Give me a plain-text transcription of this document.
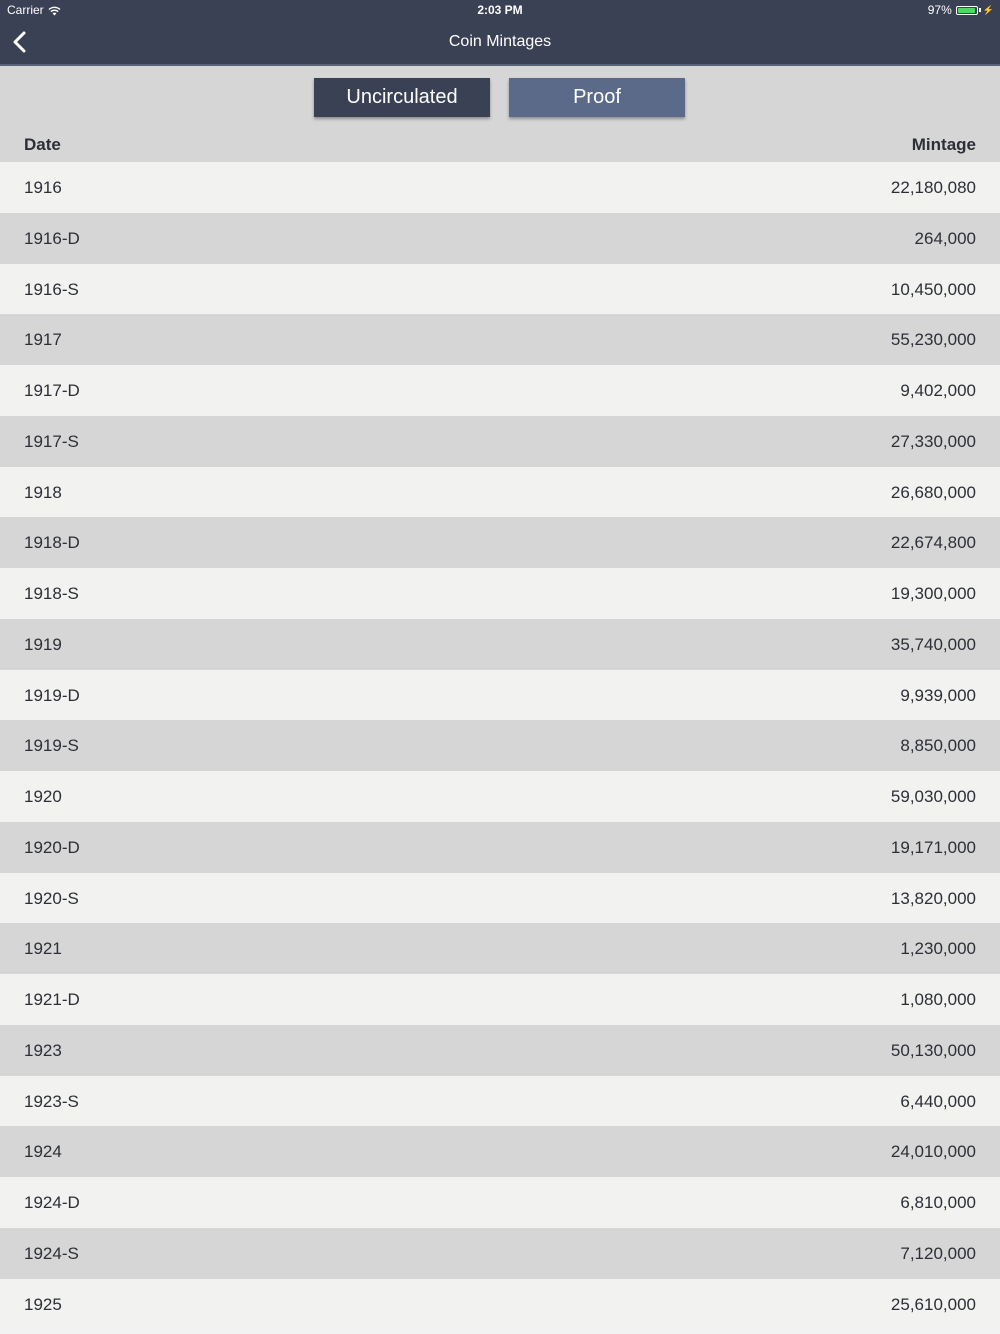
Carrier	2:03 PM	97%	⚡
Coin Mintages
Uncirculated	Proof
Date	Mintage
1916	22,180,080
1916-D	264,000
1916-S	10,450,000
1917	55,230,000
1917-D	9,402,000
1917-S	27,330,000
1918	26,680,000
1918-D	22,674,800
1918-S	19,300,000
1919	35,740,000
1919-D	9,939,000
1919-S	8,850,000
1920	59,030,000
1920-D	19,171,000
1920-S	13,820,000
1921	1,230,000
1921-D	1,080,000
1923	50,130,000
1923-S	6,440,000
1924	24,010,000
1924-D	6,810,000
1924-S	7,120,000
1925	25,610,000
